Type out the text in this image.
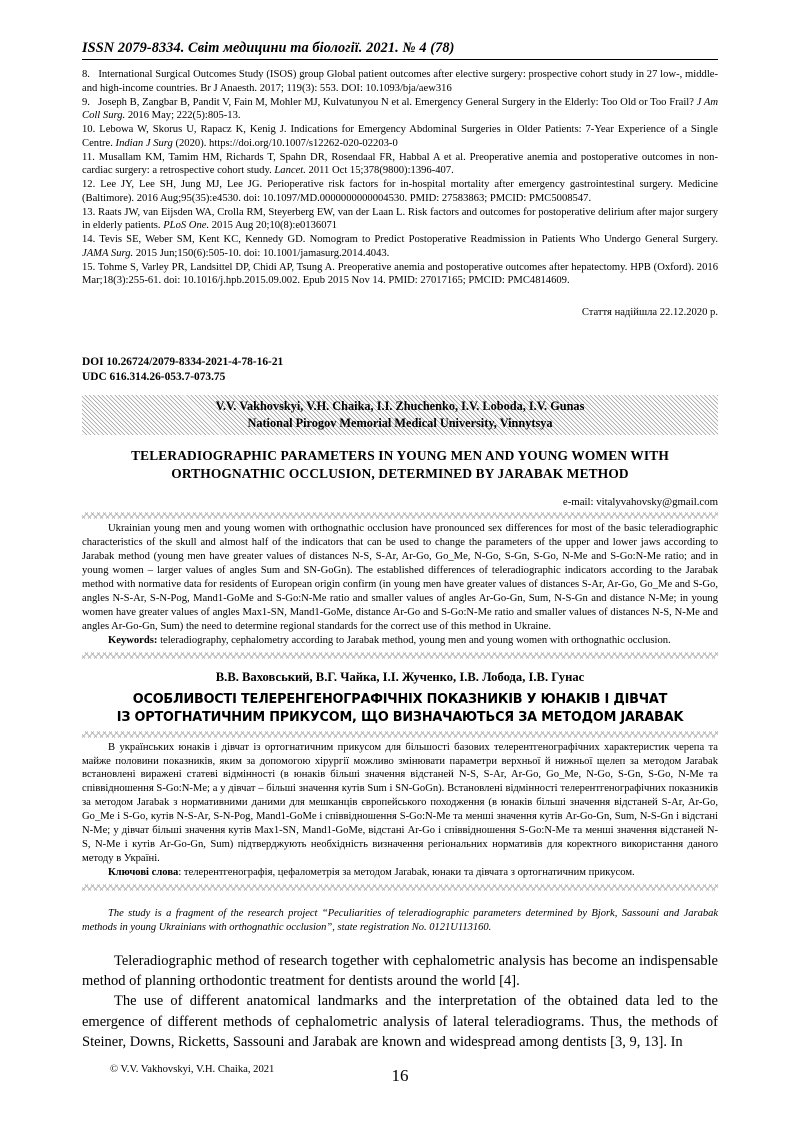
ISSN 2079-8334. Світ медицини та біології. 2021. № 4 (78)
8. International Surgical Outcomes Study (ISOS) group Global patient outcomes after elective surgery: prospective cohort study in 27 low-, middle- and high-income countries. Br J Anaesth. 2017; 119(3): 553. DOI: 10.1093/bja/aew316
9. Joseph B, Zangbar B, Pandit V, Fain M, Mohler MJ, Kulvatunyou N et al. Emergency General Surgery in the Elderly: Too Old or Too Frail? J Am Coll Surg. 2016 May; 222(5):805-13.
10. Lebowa W, Skorus U, Rapacz K, Kenig J. Indications for Emergency Abdominal Surgeries in Older Patients: 7-Year Experience of a Single Centre. Indian J Surg (2020). https://doi.org/10.1007/s12262-020-02203-0
11. Musallam KM, Tamim HM, Richards T, Spahn DR, Rosendaal FR, Habbal A et al. Preoperative anemia and postoperative outcomes in non-cardiac surgery: a retrospective cohort study. Lancet. 2011 Oct 15;378(9800):1396-407.
12. Lee JY, Lee SH, Jung MJ, Lee JG. Perioperative risk factors for in-hospital mortality after emergency gastrointestinal surgery. Medicine (Baltimore). 2016 Aug;95(35):e4530. doi: 10.1097/MD.0000000000004530. PMID: 27583863; PMCID: PMC5008547.
13. Raats JW, van Eijsden WA, Crolla RM, Steyerberg EW, van der Laan L. Risk factors and outcomes for postoperative delirium after major surgery in elderly patients. PLoS One. 2015 Aug 20;10(8):e0136071
14. Tevis SE, Weber SM, Kent KC, Kennedy GD. Nomogram to Predict Postoperative Readmission in Patients Who Undergo General Surgery. JAMA Surg. 2015 Jun;150(6):505-10. doi: 10.1001/jamasurg.2014.4043.
15. Tohme S, Varley PR, Landsittel DP, Chidi AP, Tsung A. Preoperative anemia and postoperative outcomes after hepatectomy. HPB (Oxford). 2016 Mar;18(3):255-61. doi: 10.1016/j.hpb.2015.09.002. Epub 2015 Nov 14. PMID: 27017165; PMCID: PMC4814609.
Стаття надійшла 22.12.2020 р.
DOI 10.26724/2079-8334-2021-4-78-16-21
UDC 616.314.26-053.7-073.75
V.V. Vakhovskyi, V.H. Chaika, I.I. Zhuchenko, I.V. Loboda, I.V. Gunas
National Pirogov Memorial Medical University, Vinnytsya
TELERADIOGRAPHIC PARAMETERS IN YOUNG MEN AND YOUNG WOMEN WITH
ORTHOGNATHIC OCCLUSION, DETERMINED BY JARABAK METHOD
e-mail: vitalyvahovsky@gmail.com

Ukrainian young men and young women with orthognathic occlusion have pronounced sex differences for most of the basic teleradiographic characteristics of the skull and almost half of the indicators that can be used to change the parameters of the upper and lower jaws according to Jarabak method (young men have greater values of distances N-S, S-Ar, Ar-Go, Go_Me, N-Go, S-Gn, S-Go, N-Me and S-Go:N-Me ratio; and in young women – larger values of angles Sum and SN-GoGn). The established differences of teleradiographic indicators according to the Jarabak method with normative data for residents of European origin confirm (in young men have greater values of distances S-Ar, Ar-Go, Go_Me and S-Go, angles N-S-Ar, S-N-Pog, Mand1-GoMe and S-Go:N-Me ratio and smaller values of angles Ar-Go-Gn, Sum, N-S-Gn and distance N-Me; in young women have greater values of angles Max1-SN, Mand1-GoMe, distance Ar-Go and S-Go:N-Me ratio and smaller values of distances N-S, N-Me and angles Ar-Go-Gn, Sum) the need to determine regional standards for the correct use of this method in Ukraine.

Keywords: teleradiography, cephalometry according to Jarabak method, young men and young women with orthognathic occlusion.

В.В. Ваховський, В.Г. Чайка, І.І. Жученко, І.В. Лобода, І.В. Гунас
ОСОБЛИВОСТІ ТЕЛЕРЕНГЕНОГРАФІЧНІХ ПОКАЗНИКІВ У ЮНАКІВ І ДІВЧАТ
ІЗ ОРТОГНАТИЧНИМ ПРИКУСОМ, ЩО ВИЗНАЧАЮТЬСЯ ЗА МЕТОДОМ JARABAK

В українських юнаків і дівчат із ортогнатичним прикусом для більшості базових телерентгенографічних характеристик черепа та майже половини показників, яким за допомогою хірургії можливо змінювати параметри верхньої й нижньої щелеп за методом Jarabak встановлені виражені статеві відмінності (в юнаків більші значення відстаней N-S, S-Ar, Ar-Go, Go_Me, N-Go, S-Gn, S-Go, N-Me та співвідношення S-Go:N-Me; а у дівчат – більші значення кутів Sum і SN-GoGn). Встановлені відмінності телерентгенографічних показників за методом Jarabak з нормативними даними для мешканців європейського походження (в юнаків більші значення відстаней S-Ar, Ar-Go, Go_Me і S-Go, кутів N-S-Ar, S-N-Pog, Mand1-GoMe і співвідношення S-Go:N-Me та менші значення кутів Ar-Go-Gn, Sum, N-S-Gn і відстані N-Me; у дівчат більші значення кутів Max1-SN, Mand1-GoMe, відстані Ar-Go і співвідношення S-Go:N-Me та менші значення відстаней N-S, N-Me і кутів Ar-Go-Gn, Sum) підтверджують необхідність визначення регіональних нормативів для коректного використання даного методу в Україні.

Ключові слова: телерентгенографія, цефалометрія за методом Jarabak, юнаки та дівчата з ортогнатичним прикусом.

The study is a fragment of the research project “Peculiarities of teleradiographic parameters determined by Bjork, Sassouni and Jarabak methods in young Ukrainians with orthognathic occlusion”, state registration No. 0121U113160.

Teleradiographic method of research together with cephalometric analysis has become an indispensable method of planning orthodontic treatment for dentists around the world [4].

The use of different anatomical landmarks and the interpretation of the obtained data led to the emergence of different methods of cephalometric analysis of lateral teleradiograms. Thus, the methods of Steiner, Downs, Ricketts, Sassouni and Jarabak are known and widespread among dentists [3, 9, 13]. In

© V.V. Vakhovskyi, V.H. Chaika, 2021	16
